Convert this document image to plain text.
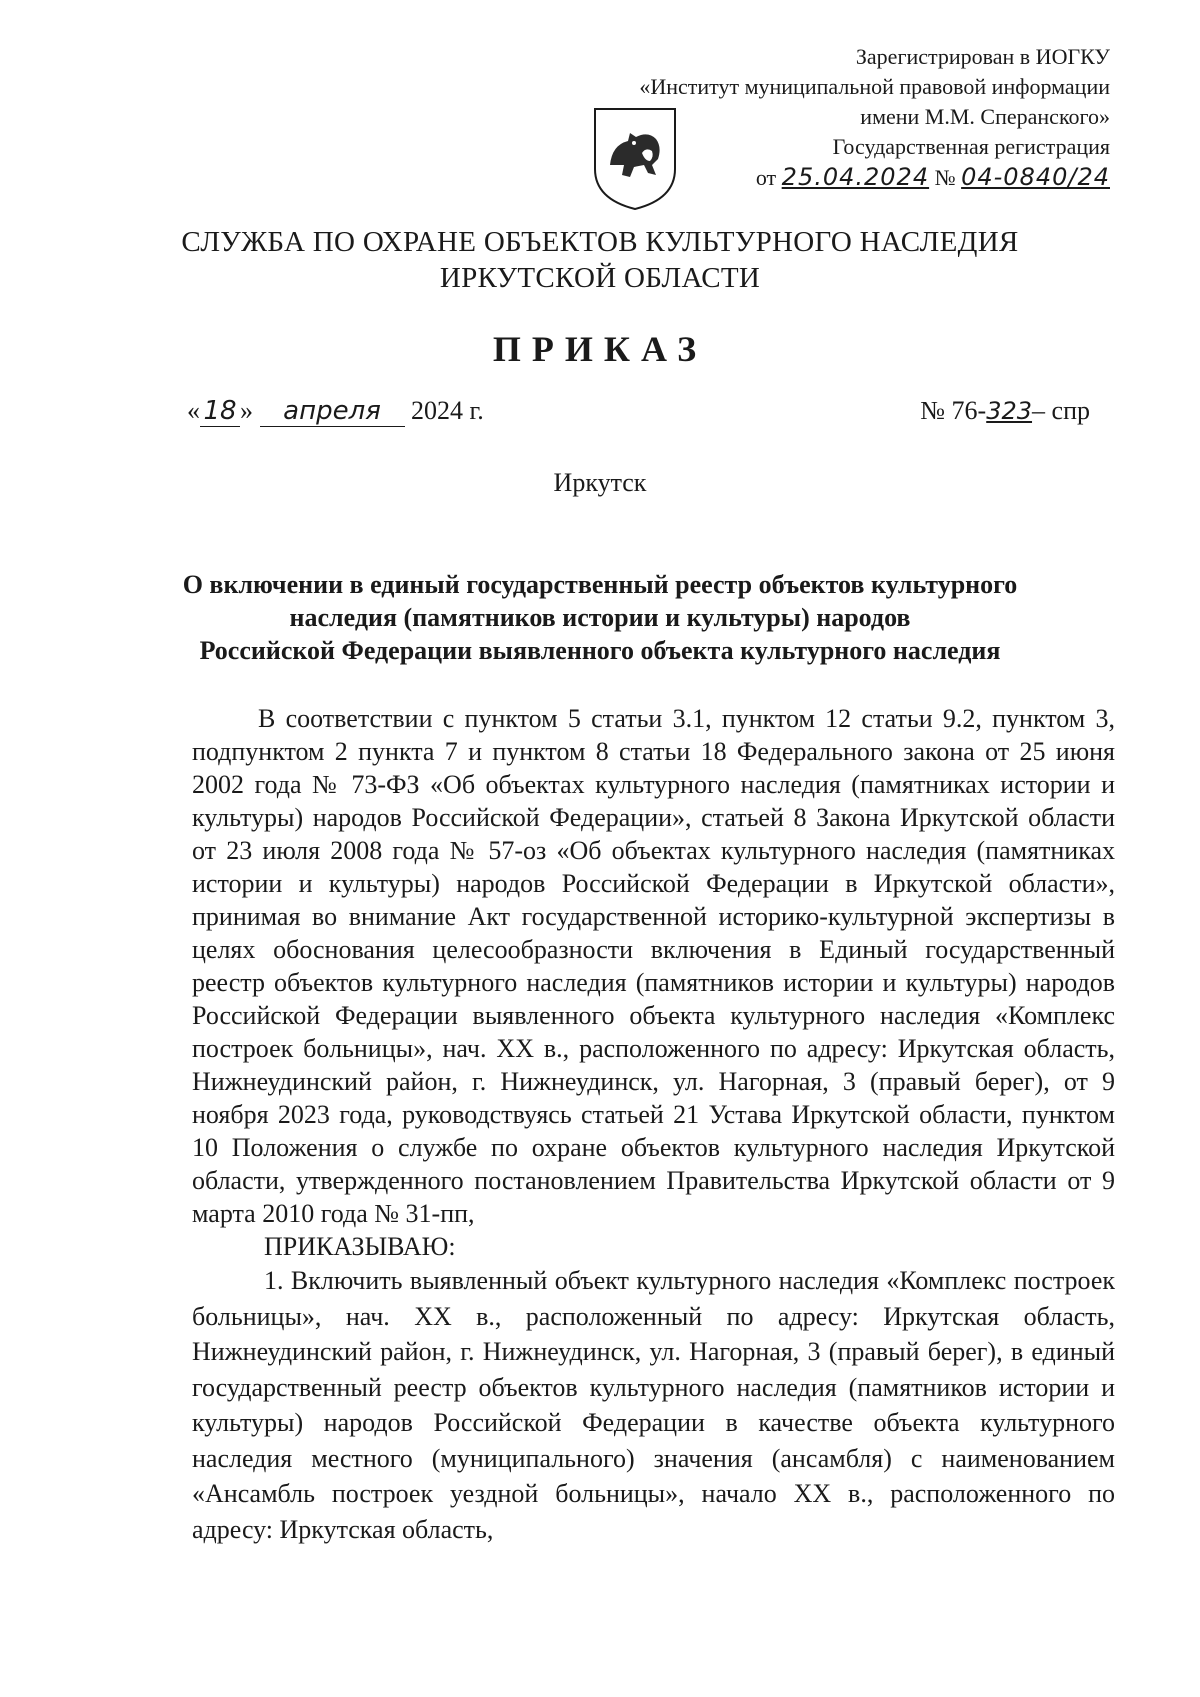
Зарегистрирован в ИОГКУ
«Институт муниципальной правовой информации
имени М.М. Сперанского»
Государственная регистрация
от 25.04.2024 № 04-0840/24
СЛУЖБА ПО ОХРАНЕ ОБЪЕКТОВ КУЛЬТУРНОГО НАСЛЕДИЯ
ИРКУТСКОЙ ОБЛАСТИ
ПРИКАЗ
« 18 » апреля 2024 г.	№ 76-323– спр
Иркутск
О включении в единый государственный реестр объектов культурного
наследия (памятников истории и культуры) народов
Российской Федерации выявленного объекта культурного наследия

В соответствии с пунктом 5 статьи 3.1, пунктом 12 статьи 9.2, пунктом 3, подпунктом 2 пункта 7 и пунктом 8 статьи 18 Федерального закона от 25 июня 2002 года № 73-ФЗ «Об объектах культурного наследия (памятниках истории и культуры) народов Российской Федерации», статьей 8 Закона Иркутской области от 23 июля 2008 года № 57-оз «Об объектах культурного наследия (памятниках истории и культуры) народов Российской Федерации в Иркутской области», принимая во внимание Акт государственной историко-культурной экспертизы в целях обоснования целесообразности включения в Единый государственный реестр объектов культурного наследия (памятников истории и культуры) народов Российской Федерации выявленного объекта культурного наследия «Комплекс построек больницы», нач. XX в., расположенного по адресу: Иркутская область, Нижнеудинский район, г. Нижнеудинск, ул. Нагорная, 3 (правый берег), от 9 ноября 2023 года, руководствуясь статьей 21 Устава Иркутской области, пунктом 10 Положения о службе по охране объектов культурного наследия Иркутской области, утвержденного постановлением Правительства Иркутской области от 9 марта 2010 года № 31-пп,

ПРИКАЗЫВАЮ:

1. Включить выявленный объект культурного наследия «Комплекс построек больницы», нач. XX в., расположенный по адресу: Иркутская область, Нижнеудинский район, г. Нижнеудинск, ул. Нагорная, 3 (правый берег), в единый государственный реестр объектов культурного наследия (памятников истории и культуры) народов Российской Федерации в качестве объекта культурного наследия местного (муниципального) значения (ансамбля) с наименованием «Ансамбль построек уездной больницы», начало XX в., расположенного по адресу: Иркутская область,
